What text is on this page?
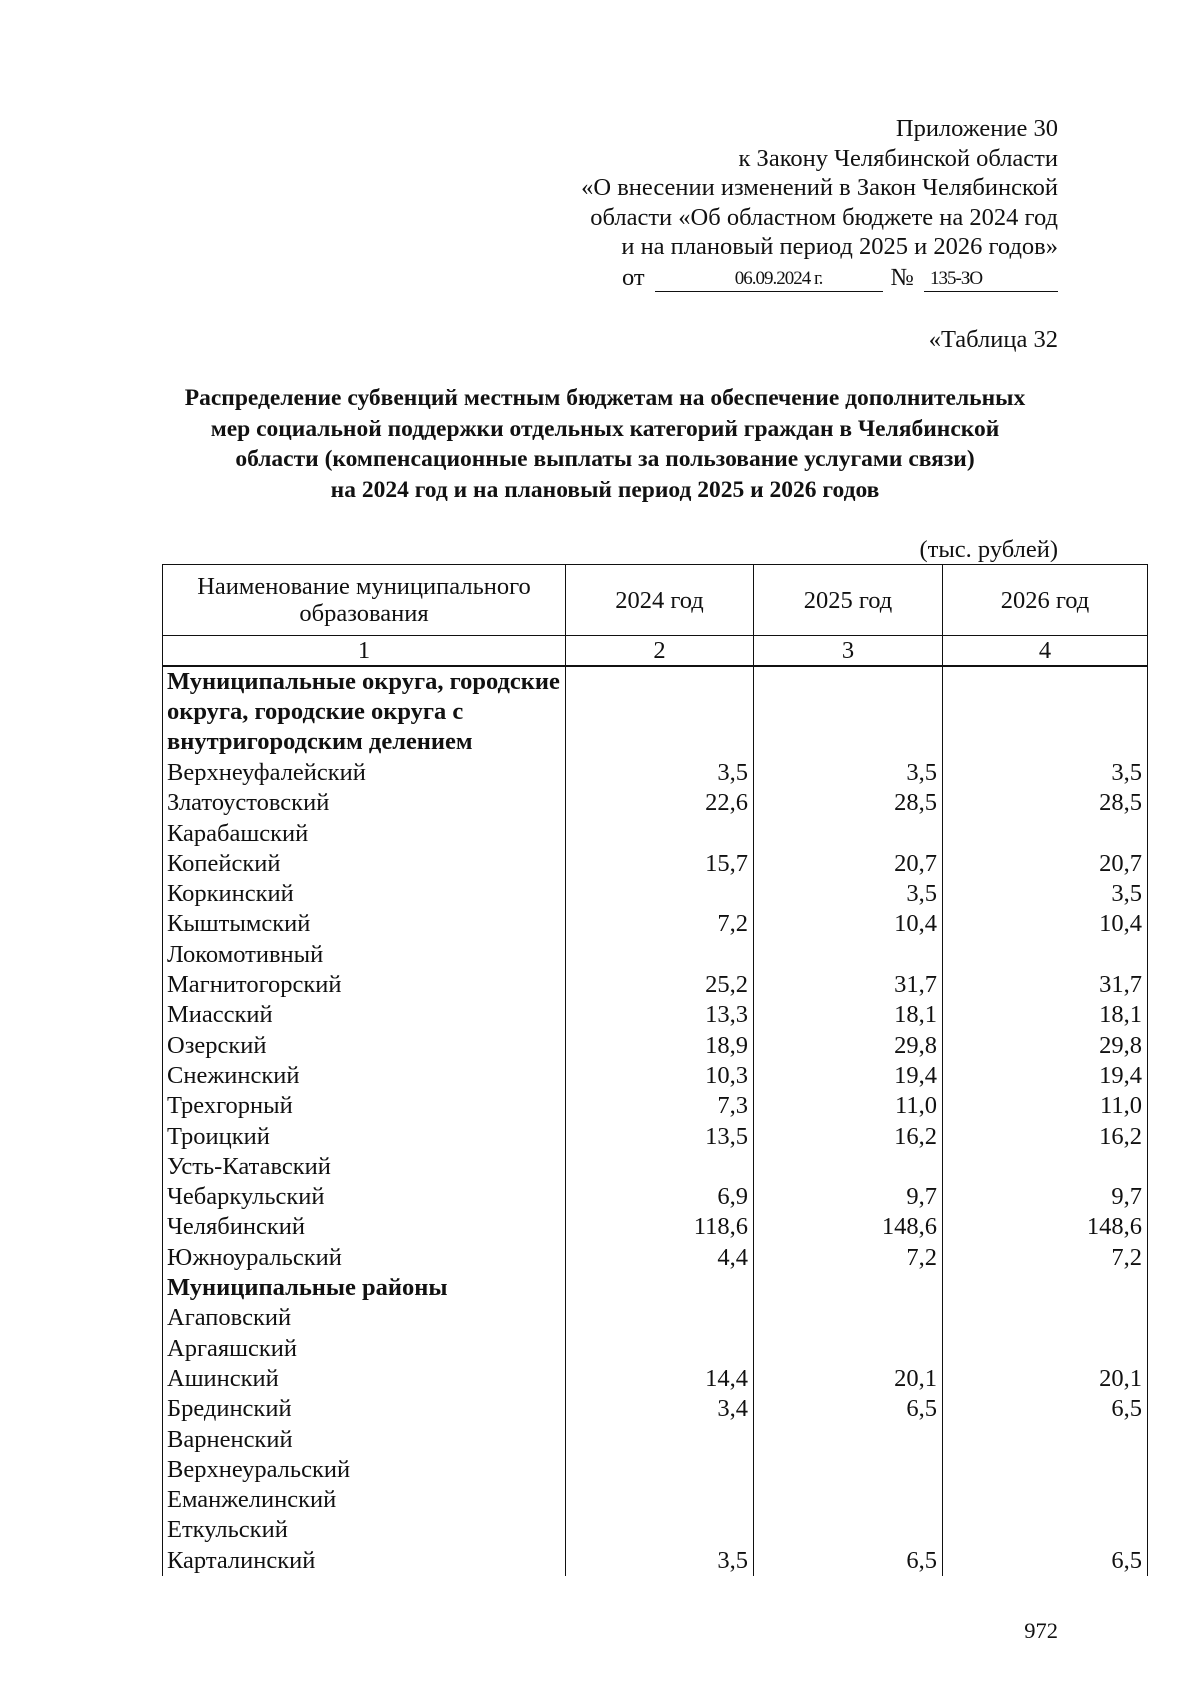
Приложение 30
к Закону Челябинской области
«О внесении изменений в Закон Челябинской
области «Об областном бюджете на 2024 год
и на плановый период 2025 и 2026 годов»
от	06.09.2024 г.	№ 135-ЗО
«Таблица 32
Распределение субвенций местным бюджетам на обеспечение дополнительных
мер социальной поддержки отдельных категорий граждан в Челябинской
области (компенсационные выплаты за пользование услугами связи)
на 2024 год и на плановый период 2025 и 2026 годов
(тыс. рублей)
Наименование муниципального образования	2024 год	2025 год	2026 год
1	2	3	4
Муниципальные округа, городские округа, городские округа с внутригородским делением			
Верхнеуфалейский	3,5	3,5	3,5
Златоустовский	22,6	28,5	28,5
Карабашский			
Копейский	15,7	20,7	20,7
Коркинский		3,5	3,5
Кыштымский	7,2	10,4	10,4
Локомотивный			
Магнитогорский	25,2	31,7	31,7
Миасский	13,3	18,1	18,1
Озерский	18,9	29,8	29,8
Снежинский	10,3	19,4	19,4
Трехгорный	7,3	11,0	11,0
Троицкий	13,5	16,2	16,2
Усть-Катавский			
Чебаркульский	6,9	9,7	9,7
Челябинский	118,6	148,6	148,6
Южноуральский	4,4	7,2	7,2
Муниципальные районы			
Агаповский			
Аргаяшский			
Ашинский	14,4	20,1	20,1
Брединский	3,4	6,5	6,5
Варненский			
Верхнеуральский			
Еманжелинский			
Еткульский			
Карталинский	3,5	6,5	6,5
972
